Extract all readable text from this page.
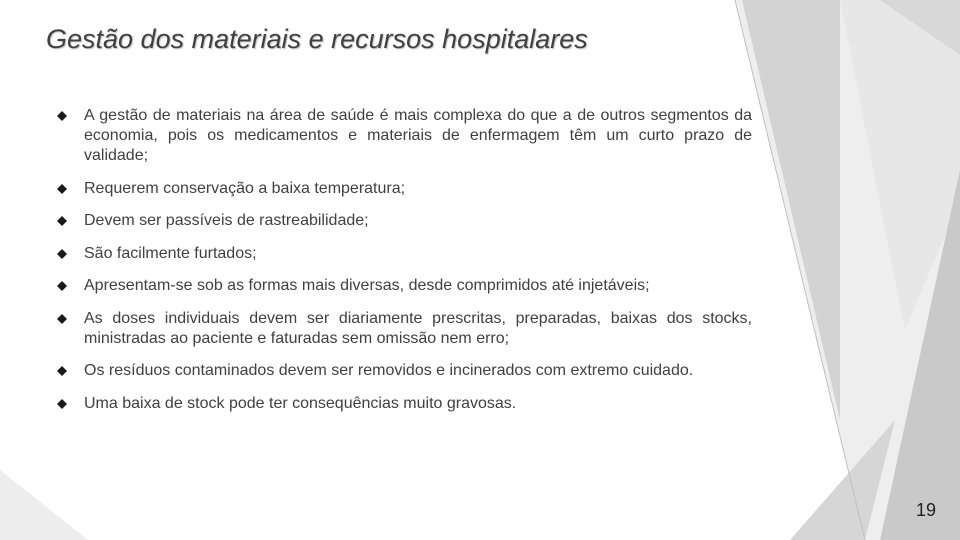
Gestão dos materiais e recursos hospitalares
A gestão de materiais na área de saúde é mais complexa do que a de outros segmentos da economia, pois os medicamentos e materiais de enfermagem têm um curto prazo de validade;
Requerem conservação a baixa temperatura;
Devem ser passíveis de rastreabilidade;
São facilmente furtados;
Apresentam-se sob as formas mais diversas, desde comprimidos até injetáveis;
As doses individuais devem ser diariamente prescritas, preparadas, baixas dos stocks, ministradas ao paciente e faturadas sem omissão nem erro;
Os resíduos contaminados devem ser removidos e incinerados com extremo cuidado.
Uma baixa de stock pode ter consequências muito gravosas.
19
